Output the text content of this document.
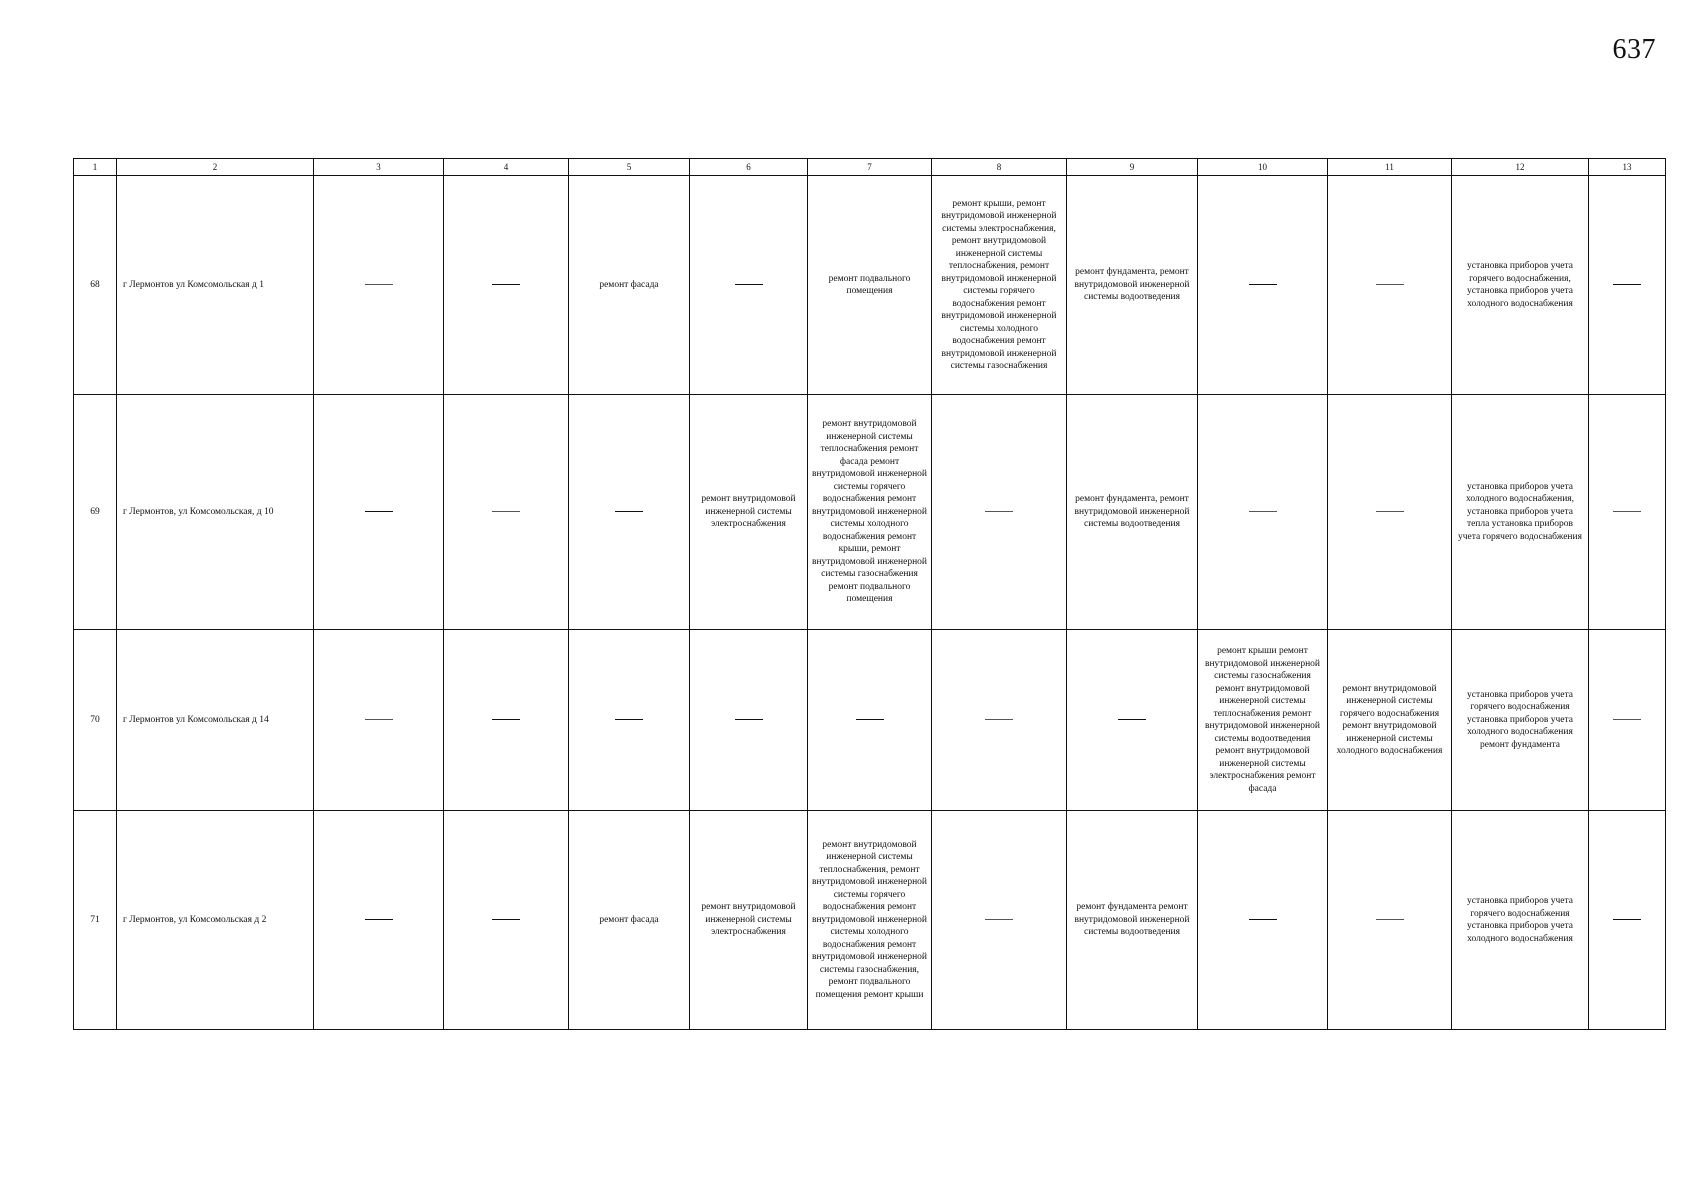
637
1	2	3	4	5	6	7	8	9	10	11	12	13
68	г Лермонтов ул Комсомольская д 1			ремонт фасада		ремонт подвального помещения	ремонт крыши, ремонт внутридомовой инженерной системы электроснабжения, ремонт внутридомовой инженерной системы теплоснабжения, ремонт внутридомовой инженерной системы горячего водоснабжения ремонт внутридомовой инженерной системы холодного водоснабжения ремонт внутридомовой инженерной системы газоснабжения	ремонт фундамента, ремонт внутридомовой инженерной системы водоотведения			установка приборов учета горячего водоснабжения, установка приборов учета холодного водоснабжения	
69	г Лермонтов, ул Комсомольская, д 10				ремонт внутридомовой инженерной системы электроснабжения	ремонт внутридомовой инженерной системы теплоснабжения ремонт фасада ремонт внутридомовой инженерной системы горячего водоснабжения ремонт внутридомовой инженерной системы холодного водоснабжения ремонт крыши, ремонт внутридомовой инженерной системы газоснабжения ремонт подвального помещения		ремонт фундамента, ремонт внутридомовой инженерной системы водоотведения			установка приборов учета холодного водоснабжения, установка приборов учета тепла установка приборов учета горячего водоснабжения	
70	г Лермонтов ул Комсомольская д 14								ремонт крыши ремонт внутридомовой инженерной системы газоснабжения ремонт внутридомовой инженерной системы теплоснабжения ремонт внутридомовой инженерной системы водоотведения ремонт внутридомовой инженерной системы электроснабжения ремонт фасада	ремонт внутридомовой инженерной системы горячего водоснабжения ремонт внутридомовой инженерной системы холодного водоснабжения	установка приборов учета горячего водоснабжения установка приборов учета холодного водоснабжения ремонт фундамента	
71	г Лермонтов, ул Комсомольская д 2			ремонт фасада	ремонт внутридомовой инженерной системы электроснабжения	ремонт внутридомовой инженерной системы теплоснабжения, ремонт внутридомовой инженерной системы горячего водоснабжения ремонт внутридомовой инженерной системы холодного водоснабжения ремонт внутридомовой инженерной системы газоснабжения, ремонт подвального помещения ремонт крыши		ремонт фундамента ремонт внутридомовой инженерной системы водоотведения			установка приборов учета горячего водоснабжения установка приборов учета холодного водоснабжения	
